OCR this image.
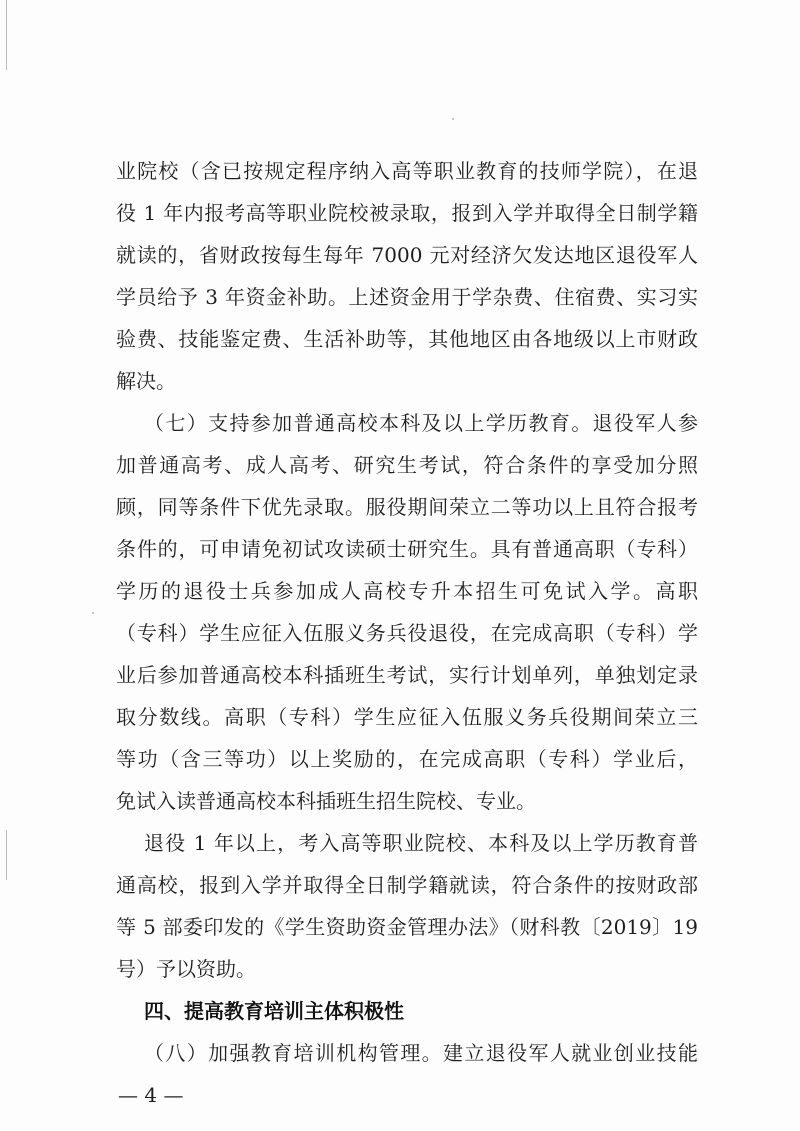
业院校（含已按规定程序纳入高等职业教育的技师学院），在退
役 1 年内报考高等职业院校被录取，报到入学并取得全日制学籍
就读的，省财政按每生每年 7000 元对经济欠发达地区退役军人
学员给予 3 年资金补助。上述资金用于学杂费、住宿费、实习实
验费、技能鉴定费、生活补助等，其他地区由各地级以上市财政
解决。
（七）支持参加普通高校本科及以上学历教育。退役军人参
加普通高考、成人高考、研究生考试，符合条件的享受加分照
顾，同等条件下优先录取。服役期间荣立二等功以上且符合报考
条件的，可申请免初试攻读硕士研究生。具有普通高职（专科）
学历的退役士兵参加成人高校专升本招生可免试入学。高职
（专科）学生应征入伍服义务兵役退役，在完成高职（专科）学
业后参加普通高校本科插班生考试，实行计划单列，单独划定录
取分数线。高职（专科）学生应征入伍服义务兵役期间荣立三
等功（含三等功）以上奖励的，在完成高职（专科）学业后，
免试入读普通高校本科插班生招生院校、专业。
退役 1 年以上，考入高等职业院校、本科及以上学历教育普
通高校，报到入学并取得全日制学籍就读，符合条件的按财政部
等 5 部委印发的《学生资助资金管理办法》（财科教〔2019〕19
号）予以资助。
四、提高教育培训主体积极性
（八）加强教育培训机构管理。建立退役军人就业创业技能
— 4 —
